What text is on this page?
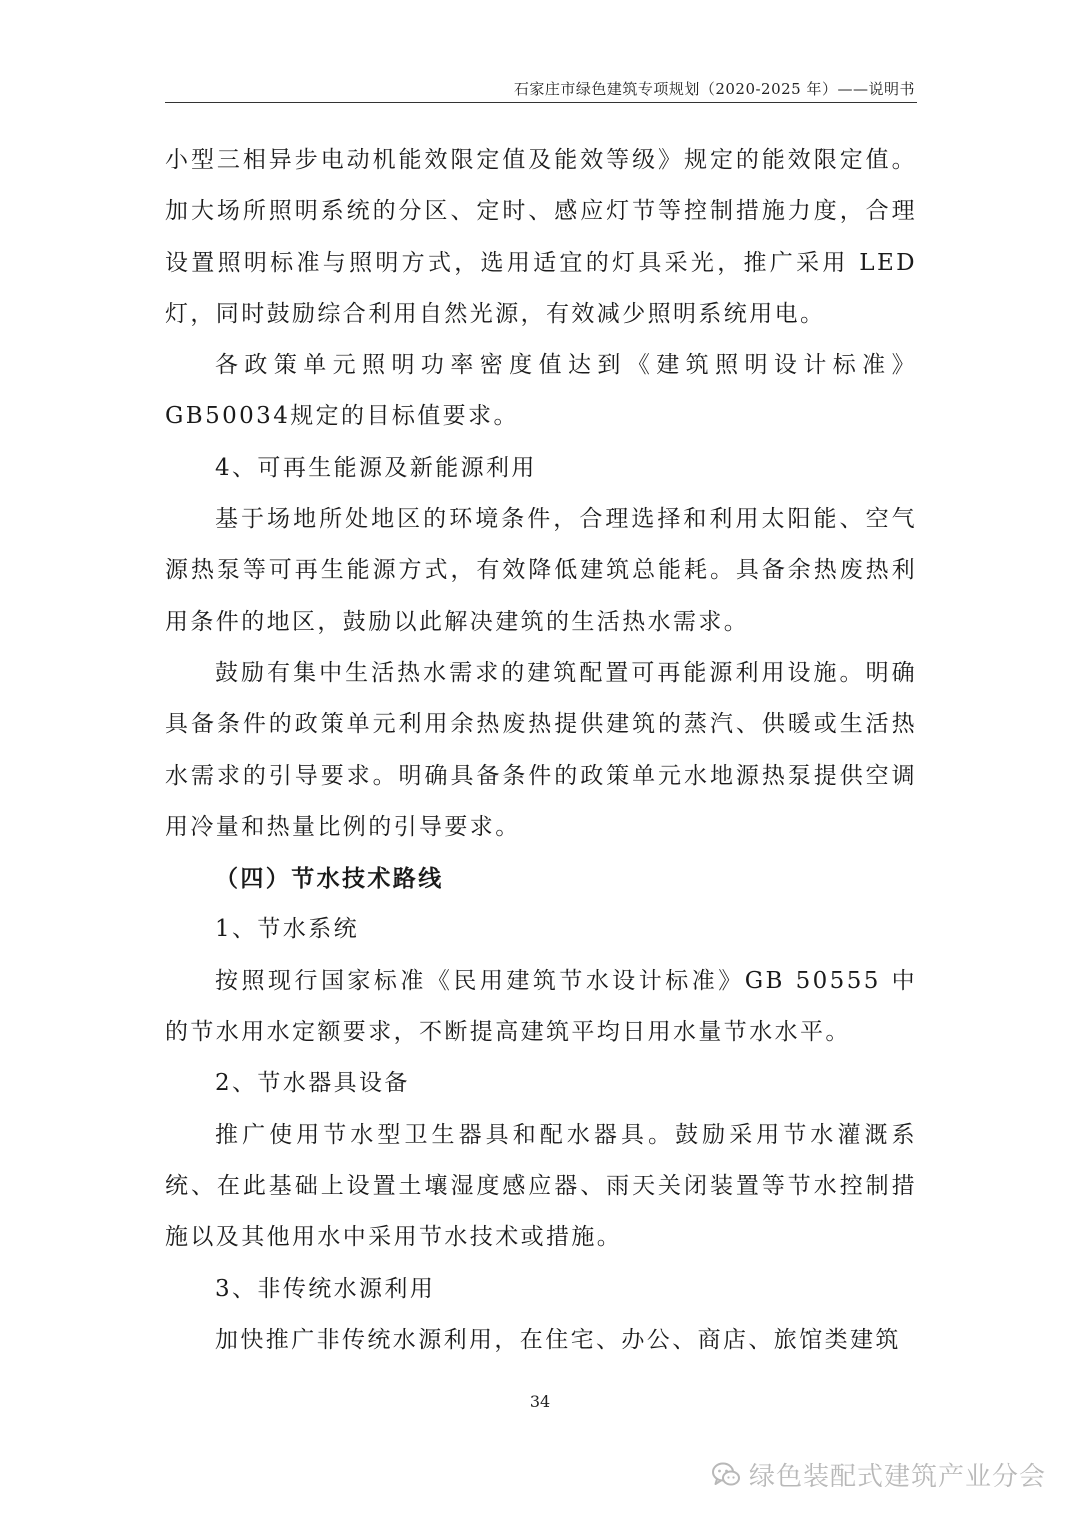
石家庄市绿色建筑专项规划（2020-2025 年）——说明书

小型三相异步电动机能效限定值及能效等级》规定的能效限定值。加大场所照明系统的分区、定时、感应灯节等控制措施力度，合理设置照明标准与照明方式，选用适宜的灯具采光，推广采用 LED 灯，同时鼓励综合利用自然光源，有效减少照明系统用电。

各政策单元照明功率密度值达到《建筑照明设计标准》GB50034规定的目标值要求。

4、可再生能源及新能源利用

基于场地所处地区的环境条件，合理选择和利用太阳能、空气源热泵等可再生能源方式，有效降低建筑总能耗。具备余热废热利用条件的地区，鼓励以此解决建筑的生活热水需求。

鼓励有集中生活热水需求的建筑配置可再能源利用设施。明确具备条件的政策单元利用余热废热提供建筑的蒸汽、供暖或生活热水需求的引导要求。明确具备条件的政策单元水地源热泵提供空调用冷量和热量比例的引导要求。

（四）节水技术路线

1、节水系统

按照现行国家标准《民用建筑节水设计标准》GB 50555 中的节水用水定额要求，不断提高建筑平均日用水量节水水平。

2、节水器具设备

推广使用节水型卫生器具和配水器具。鼓励采用节水灌溉系统、在此基础上设置土壤湿度感应器、雨天关闭装置等节水控制措施以及其他用水中采用节水技术或措施。

3、非传统水源利用

加快推广非传统水源利用，在住宅、办公、商店、旅馆类建筑

34
绿色装配式建筑产业分会
